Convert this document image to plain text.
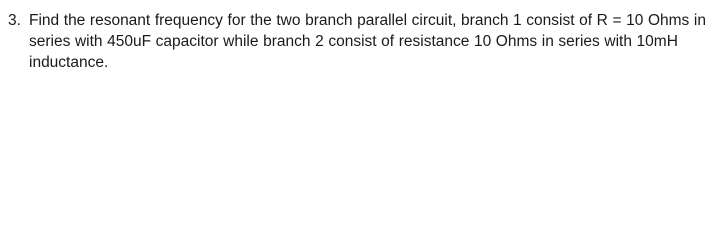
3. Find the resonant frequency for the two branch parallel circuit, branch 1 consist of R = 10 Ohms in series with 450uF capacitor while branch 2 consist of resistance 10 Ohms in series with 10mH inductance.
